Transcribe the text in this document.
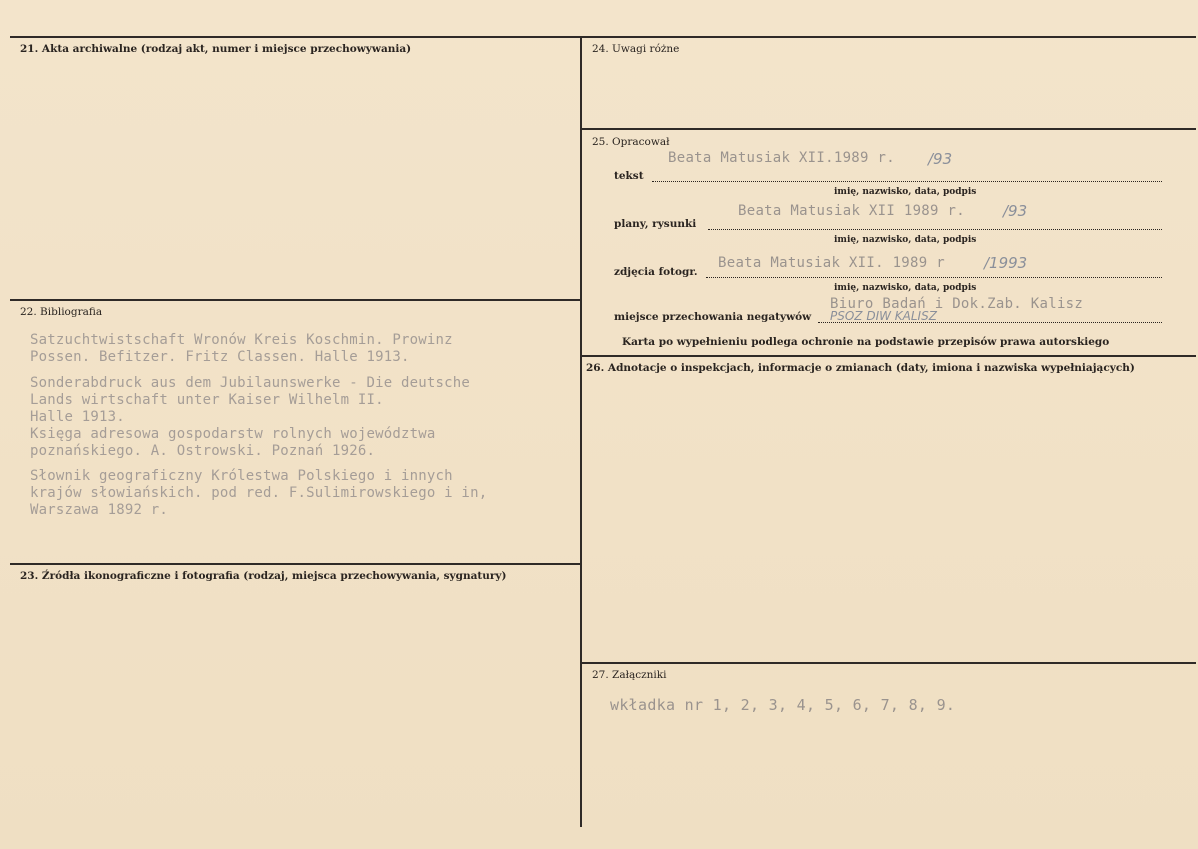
21. Akta archiwalne (rodzaj akt, numer i miejsce przechowywania)
22. Bibliografia
Satzuchtwistschaft Wronów Kreis Koschmin. Prowinz
Possen. Befitzer. Fritz Classen. Halle 1913.
Sonderabdruck aus dem Jubilaunswerke - Die deutsche
Lands wirtschaft unter Kaiser Wilhelm II.
Halle 1913.
Księga adresowa gospodarstw rolnych województwa
poznańskiego. A. Ostrowski. Poznań 1926.
Słownik geograficzny Królestwa Polskiego i innych
krajów słowiańskich. pod red. F.Sulimirowskiego i in,
Warszawa 1892 r.
23. Źródła ikonograficzne i fotografia (rodzaj, miejsca przechowywania, sygnatury)
24. Uwagi różne
25. Opracował
Beata Matusiak XII.1989 r. /93
tekst
imię, nazwisko, data, podpis
Beata Matusiak XII 1989 r.	/93
plany, rysunki
imię, nazwisko, data, podpis
Beata Matusiak XII. 1989 r	/1993
zdjęcia fotogr.
imię, nazwisko, data, podpis
Biuro Badań i Dok.Zab. Kalisz
PSOZ DIW KALISZ
miejsce przechowania negatywów
Karta po wypełnieniu podlega ochronie na podstawie przepisów prawa autorskiego
26. Adnotacje o inspekcjach, informacje o zmianach (daty, imiona i nazwiska wypełniających)
27. Załączniki
wkładka nr 1, 2, 3, 4, 5, 6, 7, 8, 9.
